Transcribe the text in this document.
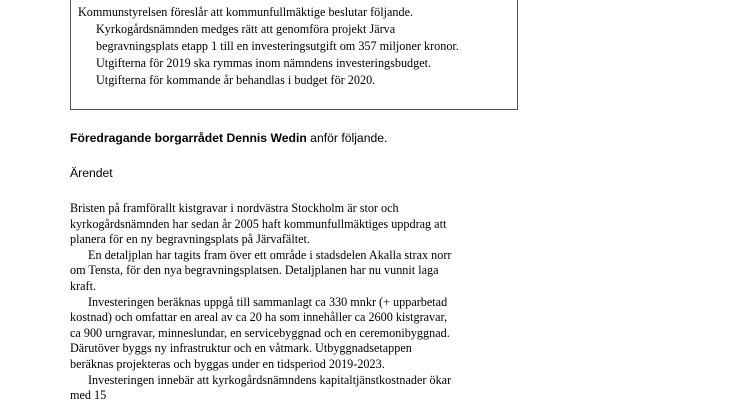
Kommunstyrelsen föreslår att kommunfullmäktige beslutar följande.
Kyrkogårdsnämnden medges rätt att genomföra projekt Järva
begravningsplats etapp 1 till en investeringsutgift om 357 miljoner kronor.
Utgifterna för 2019 ska rymmas inom nämndens investeringsbudget.
Utgifterna för kommande år behandlas i budget för 2020.
Föredragande borgarrådet Dennis Wedin anför följande.
Ärendet
Bristen på framförallt kistgravar i nordvästra Stockholm är stor och
kyrkogårdsnämnden har sedan år 2005 haft kommunfullmäktiges uppdrag att
planera för en ny begravningsplats på Järvafältet.
En detaljplan har tagits fram över ett område i stadsdelen Akalla strax norr
om Tensta, för den nya begravningsplatsen. Detaljplanen har nu vunnit laga
kraft.
Investeringen beräknas uppgå till sammanlagt ca 330 mnkr (+ upparbetad
kostnad) och omfattar en areal av ca 20 ha som innehåller ca 2600 kistgravar,
ca 900 urngravar, minneslundar, en servicebyggnad och en ceremonibyggnad.
Därutöver byggs ny infrastruktur och en våtmark. Utbyggnadsetappen
beräknas projekteras och byggas under en tidsperiod 2019-2023.
Investeringen innebär att kyrkogårdsnämndens kapitaltjänstkostnader ökar
med 15
